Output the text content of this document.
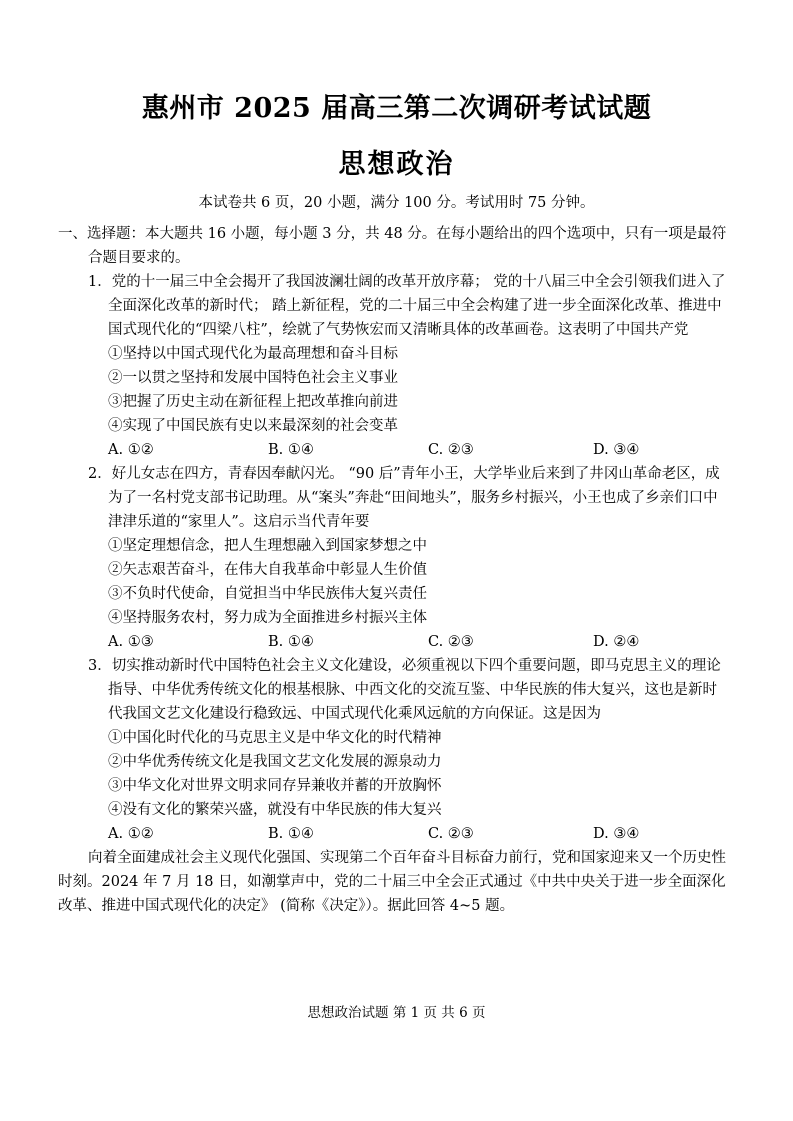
惠州市 2025 届高三第二次调研考试试题
思想政治
本试卷共 6 页，20 小题，满分 100 分。考试用时 75 分钟。
一、选择题：本大题共 16 小题，每小题 3 分，共 48 分。在每小题给出的四个选项中，只有一项是最符合题目要求的。
1．党的十一届三中全会揭开了我国波澜壮阔的改革开放序幕； 党的十八届三中全会引领我们进入了全面深化改革的新时代； 踏上新征程，党的二十届三中全会构建了进一步全面深化改革、推进中国式现代化的“四梁八柱”，绘就了气势恢宏而又清晰具体的改革画卷。这表明了中国共产党
①坚持以中国式现代化为最高理想和奋斗目标
②一以贯之坚持和发展中国特色社会主义事业
③把握了历史主动在新征程上把改革推向前进
④实现了中国民族有史以来最深刻的社会变革
A. ①②	B. ①④	C. ②③	D. ③④
2．好儿女志在四方，青春因奉献闪光。 “90 后”青年小王，大学毕业后来到了井冈山革命老区，成为了一名村党支部书记助理。从“案头”奔赴“田间地头”，服务乡村振兴，小王也成了乡亲们口中津津乐道的“家里人”。这启示当代青年要
①坚定理想信念，把人生理想融入到国家梦想之中
②矢志艰苦奋斗，在伟大自我革命中彰显人生价值
③不负时代使命，自觉担当中华民族伟大复兴责任
④坚持服务农村，努力成为全面推进乡村振兴主体
A. ①③	B. ①④	C. ②③	D. ②④
3．切实推动新时代中国特色社会主义文化建设，必须重视以下四个重要问题，即马克思主义的理论指导、中华优秀传统文化的根基根脉、中西文化的交流互鉴、中华民族的伟大复兴，这也是新时代我国文艺文化建设行稳致远、中国式现代化乘风远航的方向保证。这是因为
①中国化时代化的马克思主义是中华文化的时代精神
②中华优秀传统文化是我国文艺文化发展的源泉动力
③中华文化对世界文明求同存异兼收并蓄的开放胸怀
④没有文化的繁荣兴盛，就没有中华民族的伟大复兴
A. ①②	B. ①④	C. ②③	D. ③④
向着全面建成社会主义现代化强国、实现第二个百年奋斗目标奋力前行，党和国家迎来又一个历史性时刻。2024 年 7 月 18 日，如潮掌声中，党的二十届三中全会正式通过《中共中央关于进一步全面深化改革、推进中国式现代化的决定》 (简称《决定》）。据此回答 4~5 题。
思想政治试题 第 1 页 共 6 页
